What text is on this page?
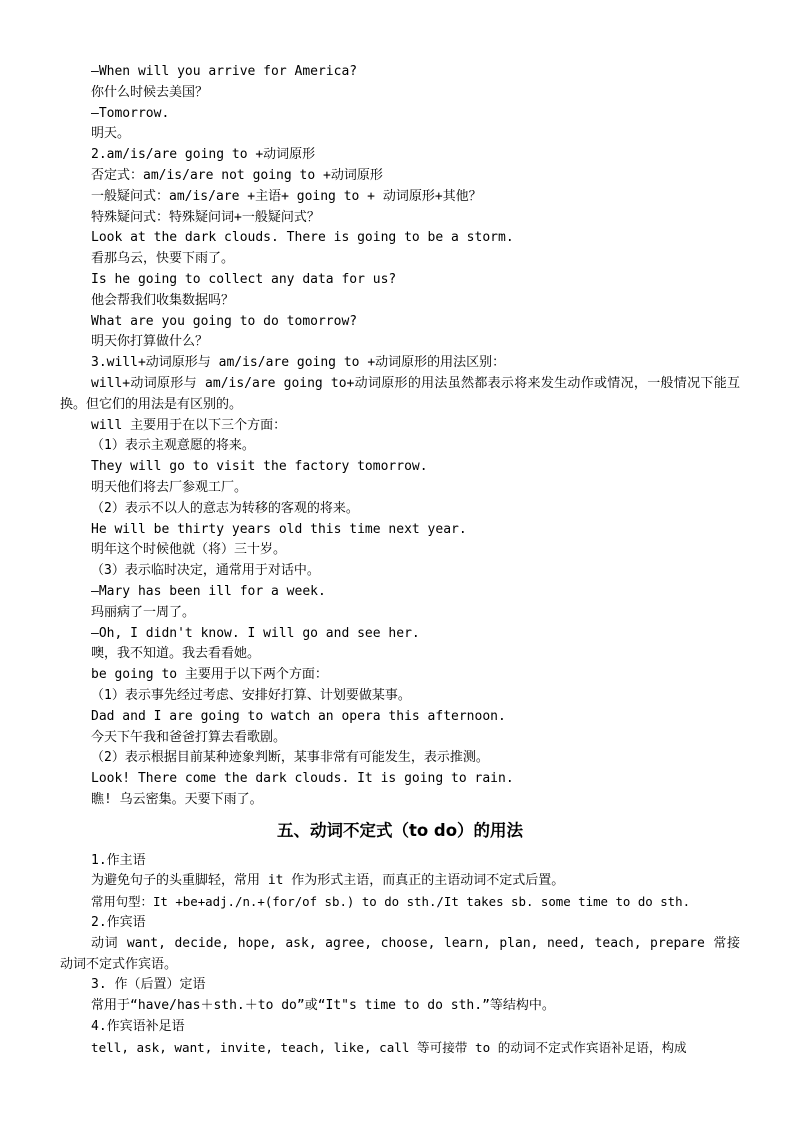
—When will you arrive for America?
你什么时候去美国？
—Tomorrow.
明天。
2.am/is/are going to +动词原形
否定式：am/is/are not going to +动词原形
一般疑问式：am/is/are +主语+ going to + 动词原形+其他？
特殊疑问式：特殊疑问词+一般疑问式？
Look at the dark clouds. There is going to be a storm.
看那乌云，快要下雨了。
Is he going to collect any data for us?
他会帮我们收集数据吗？
What are you going to do tomorrow?
明天你打算做什么？
3.will+动词原形与 am/is/are going to +动词原形的用法区别：
will+动词原形与 am/is/are going to+动词原形的用法虽然都表示将来发生动作或情况，一般情况下能互换。但它们的用法是有区别的。
will 主要用于在以下三个方面：
（1）表示主观意愿的将来。
They will go to visit the factory tomorrow.
明天他们将去厂参观工厂。
（2）表示不以人的意志为转移的客观的将来。
He will be thirty years old this time next year.
明年这个时候他就（将）三十岁。
（3）表示临时决定，通常用于对话中。
—Mary has been ill for a week.
玛丽病了一周了。
—Oh, I didn't know. I will go and see her.
噢，我不知道。我去看看她。
be going to 主要用于以下两个方面：
（1）表示事先经过考虑、安排好打算、计划要做某事。
Dad and I are going to watch an opera this afternoon.
今天下午我和爸爸打算去看歌剧。
（2）表示根据目前某种迹象判断，某事非常有可能发生，表示推测。
Look! There come the dark clouds. It is going to rain.
瞧! 乌云密集。天要下雨了。
五、动词不定式（to do）的用法
1.作主语
为避免句子的头重脚轻，常用 it 作为形式主语，而真正的主语动词不定式后置。
常用句型：It +be+adj./n.+(for/of sb.) to do sth./It takes sb. some time to do sth.
2.作宾语
动词 want, decide, hope, ask, agree, choose, learn, plan, need, teach, prepare 常接动词不定式作宾语。
3. 作（后置）定语
常用于“have/has＋sth.＋to do”或“It"s time to do sth.”等结构中。
4.作宾语补足语
tell, ask, want, invite, teach, like, call 等可接带 to 的动词不定式作宾语补足语，构成
